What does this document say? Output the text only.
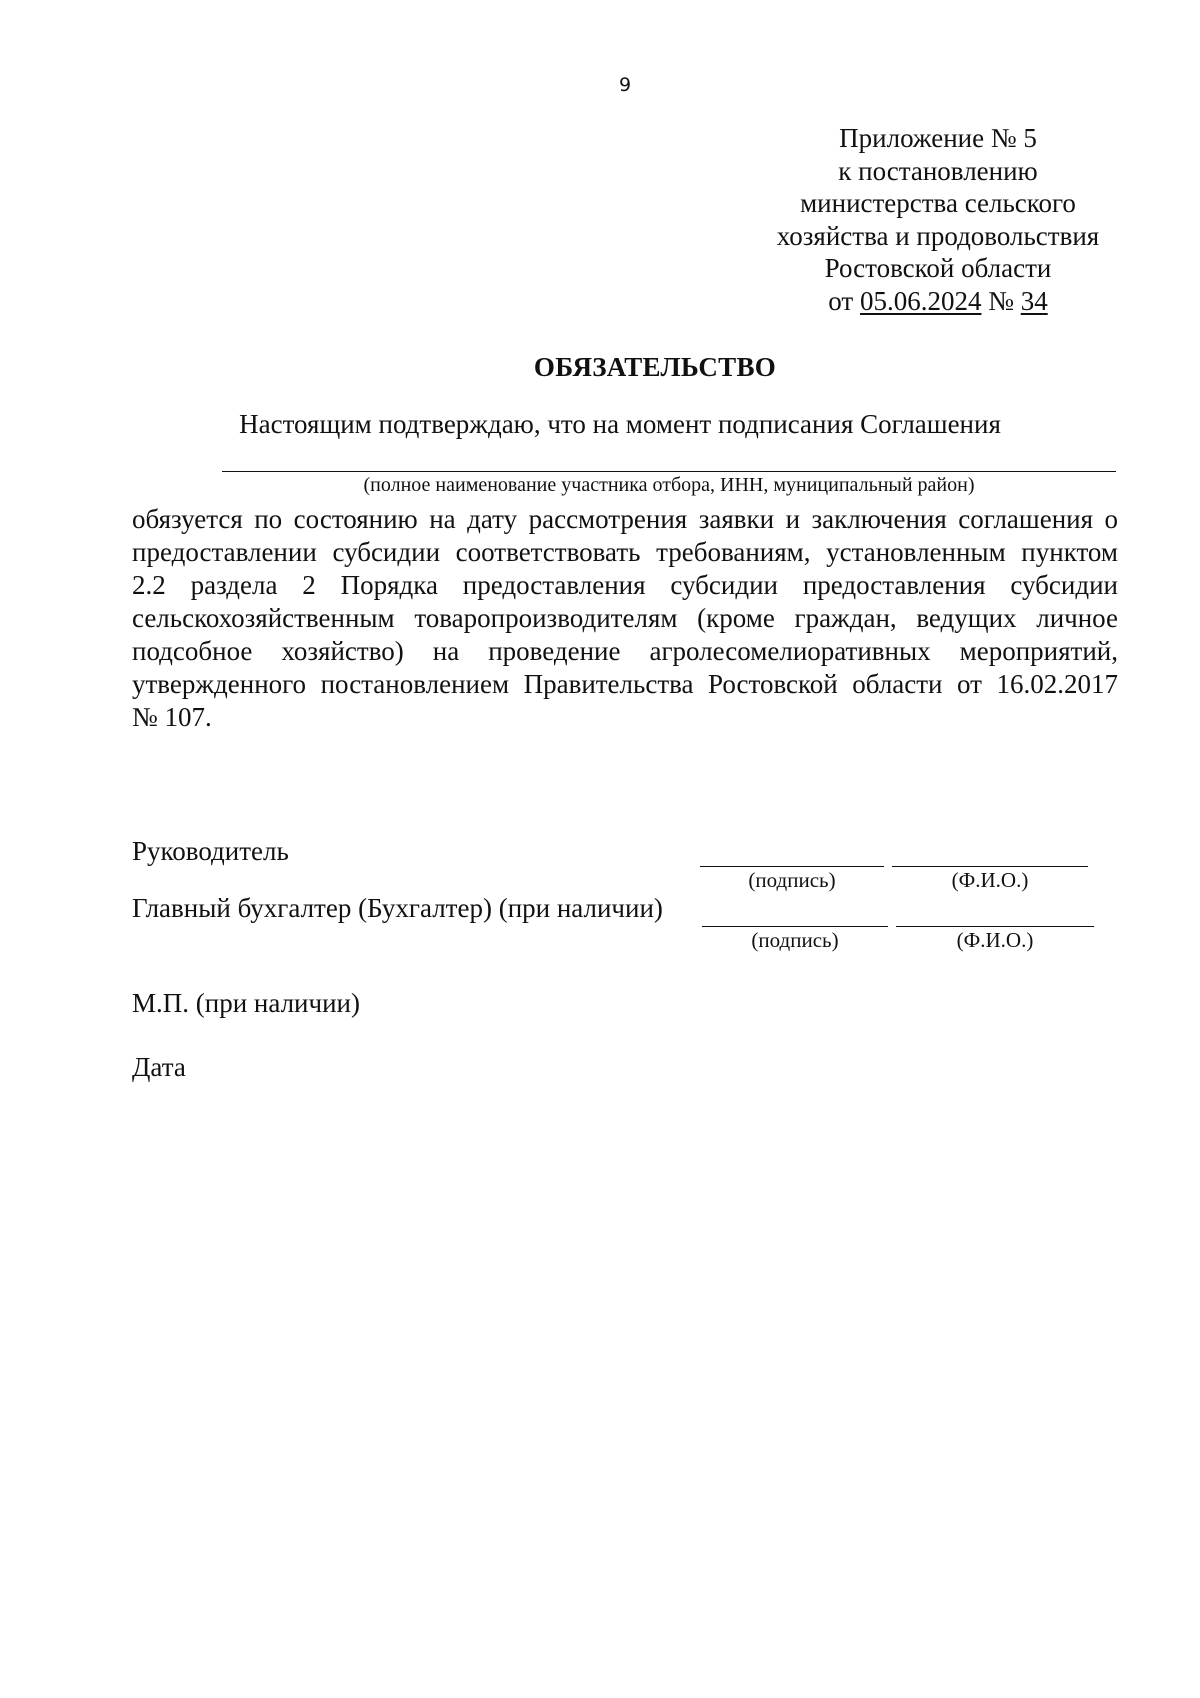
9
Приложение № 5
к постановлению
министерства сельского
хозяйства и продовольствия
Ростовской области
от 05.06.2024 № 34
ОБЯЗАТЕЛЬСТВО
Настоящим подтверждаю, что на момент подписания Соглашения
(полное наименование участника отбора, ИНН, муниципальный район)
обязуется по состоянию на дату рассмотрения заявки и заключения соглашения о
предоставлении субсидии соответствовать требованиям, установленным пунктом
2.2 раздела 2 Порядка предоставления субсидии предоставления субсидии
сельскохозяйственным товаропроизводителям (кроме граждан, ведущих личное
подсобное хозяйство) на проведение агролесомелиоративных мероприятий,
утвержденного постановлением Правительства Ростовской области от 16.02.2017
№ 107.
Руководитель
(подпись)	(Ф.И.О.)
Главный бухгалтер (Бухгалтер) (при наличии)
(подпись)	(Ф.И.О.)
М.П. (при наличии)
Дата
